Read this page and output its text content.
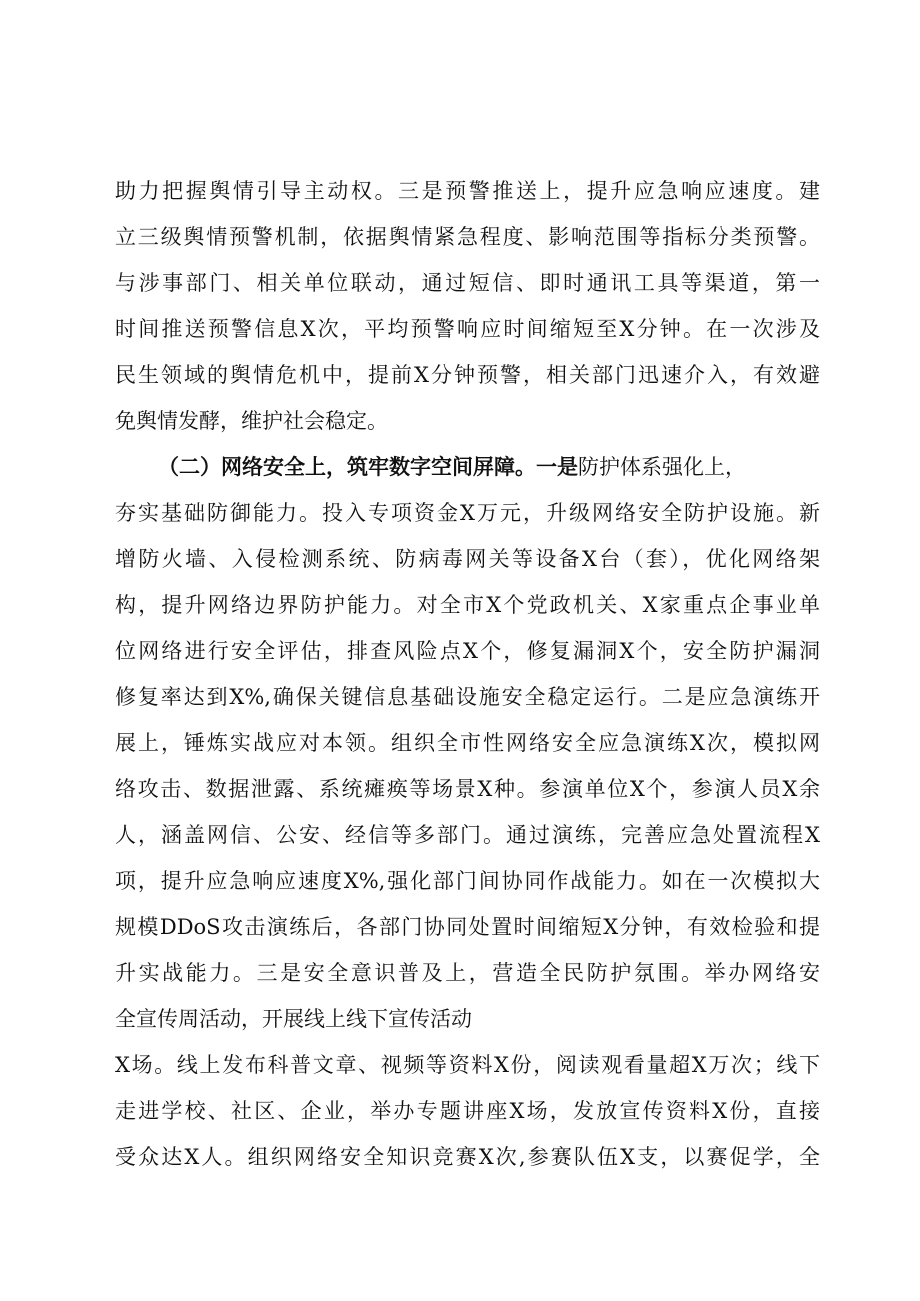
助力把握舆情引导主动权。三是预警推送上，提升应急响应速度。建
立三级舆情预警机制，依据舆情紧急程度、影响范围等指标分类预警。
与涉事部门、相关单位联动，通过短信、即时通讯工具等渠道，第一
时间推送预警信息X次，平均预警响应时间缩短至X分钟。在一次涉及
民生领域的舆情危机中，提前X分钟预警，相关部门迅速介入，有效避
免舆情发酵，维护社会稳定。
（二）网络安全上，筑牢数字空间屏障。一是防护体系强化上，
夯实基础防御能力。投入专项资金X万元，升级网络安全防护设施。新
增防火墙、入侵检测系统、防病毒网关等设备X台（套），优化网络架
构，提升网络边界防护能力。对全市X个党政机关、X家重点企事业单
位网络进行安全评估，排查风险点X个，修复漏洞X个，安全防护漏洞
修复率达到X%,确保关键信息基础设施安全稳定运行。二是应急演练开
展上，锤炼实战应对本领。组织全市性网络安全应急演练X次，模拟网
络攻击、数据泄露、系统瘫痪等场景X种。参演单位X个，参演人员X余
人，涵盖网信、公安、经信等多部门。通过演练，完善应急处置流程X
项，提升应急响应速度X%,强化部门间协同作战能力。如在一次模拟大
规模DDoS攻击演练后，各部门协同处置时间缩短X分钟，有效检验和提
升实战能力。三是安全意识普及上，营造全民防护氛围。举办网络安
全宣传周活动，开展线上线下宣传活动
X场。线上发布科普文章、视频等资料X份，阅读观看量超X万次；线下
走进学校、社区、企业，举办专题讲座X场，发放宣传资料X份，直接
受众达X人。组织网络安全知识竞赛X次,参赛队伍X支，以赛促学，全
